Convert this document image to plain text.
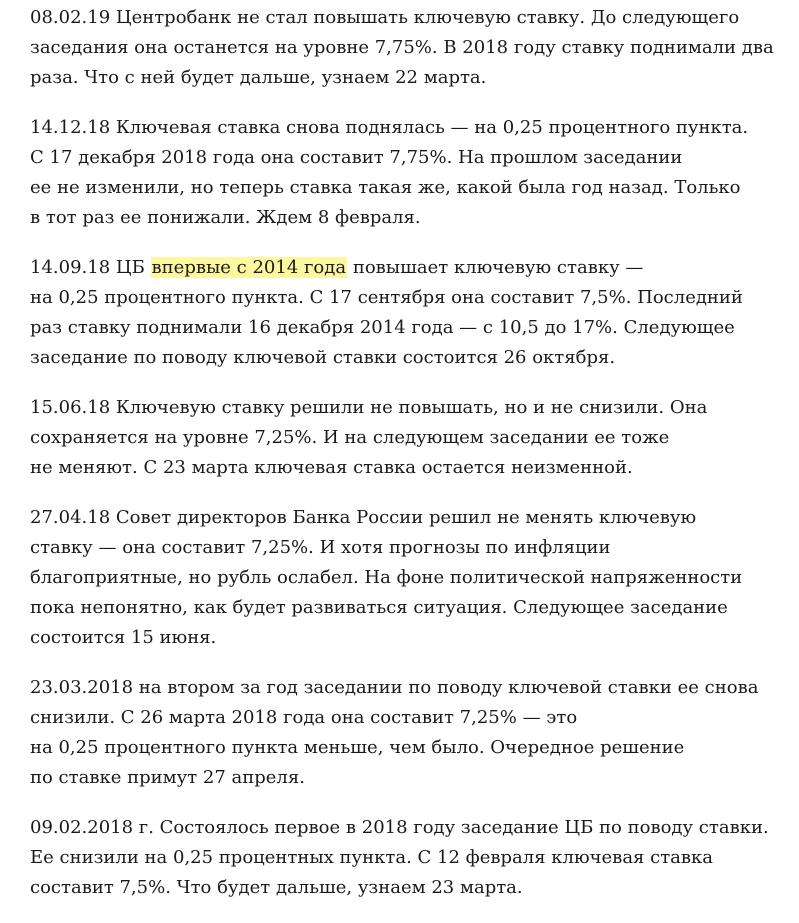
08.02.19 Центробанк не стал повышать ключевую ставку. До следующего
заседания она останется на уровне 7,75%. В 2018 году ставку поднимали два
раза. Что с ней будет дальше, узнаем 22 марта.

14.12.18 Ключевая ставка снова поднялась — на 0,25 процентного пункта.
С 17 декабря 2018 года она составит 7,75%. На прошлом заседании
ее не изменили, но теперь ставка такая же, какой была год назад. Только
в тот раз ее понижали. Ждем 8 февраля.

14.09.18 ЦБ впервые с 2014 года повышает ключевую ставку —
на 0,25 процентного пункта. С 17 сентября она составит 7,5%. Последний
раз ставку поднимали 16 декабря 2014 года — с 10,5 до 17%. Следующее
заседание по поводу ключевой ставки состоится 26 октября.

15.06.18 Ключевую ставку решили не повышать, но и не снизили. Она
сохраняется на уровне 7,25%. И на следующем заседании ее тоже
не меняют. С 23 марта ключевая ставка остается неизменной.

27.04.18 Совет директоров Банка России решил не менять ключевую
ставку — она составит 7,25%. И хотя прогнозы по инфляции
благоприятные, но рубль ослабел. На фоне политической напряженности
пока непонятно, как будет развиваться ситуация. Следующее заседание
состоится 15 июня.

23.03.2018 на втором за год заседании по поводу ключевой ставки ее снова
снизили. С 26 марта 2018 года она составит 7,25% — это
на 0,25 процентного пункта меньше, чем было. Очередное решение
по ставке примут 27 апреля.

09.02.2018 г. Состоялось первое в 2018 году заседание ЦБ по поводу ставки.
Ее снизили на 0,25 процентных пункта. С 12 февраля ключевая ставка
составит 7,5%. Что будет дальше, узнаем 23 марта.
